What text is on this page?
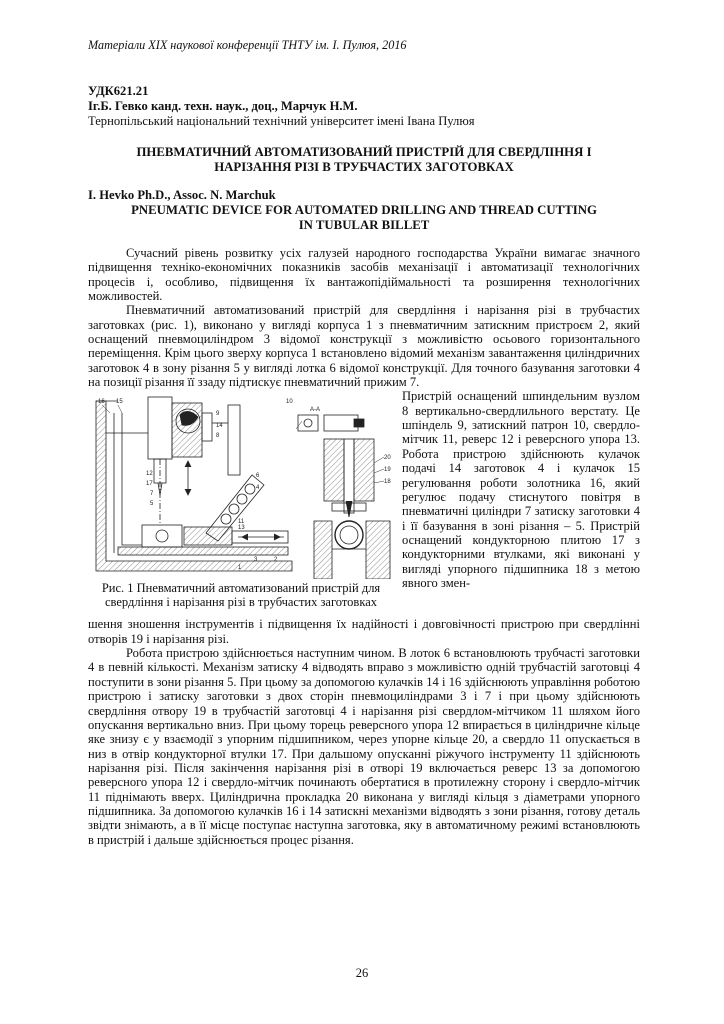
Матеріали ХІХ наукової конференції ТНТУ ім. І. Пулюя, 2016

УДК621.21

Іг.Б. Гевко канд. техн. наук., доц., Марчук Н.М.

Тернопільський національний технічний університет імені Івана Пулюя

ПНЕВМАТИЧНИЙ АВТОМАТИЗОВАНИЙ ПРИСТРІЙ ДЛЯ СВЕРДЛІННЯ І
НАРІЗАННЯ РІЗІ В ТРУБЧАСТИХ ЗАГОТОВКАХ

I. Hevko Ph.D., Assoc. N. Marchuk

PNEUMATIC DEVICE FOR AUTOMATED DRILLING AND THREAD CUTTING
IN TUBULAR BILLET

Сучасний рівень розвитку усіх галузей народного господарства України вимагає значного підвищення техніко-економічних показників засобів механізації і автоматизації технологічних процесів і, особливо, підвищення їх вантажопідіймальності та розширення технологічних можливостей.

Пневматичний автоматизований пристрій для свердління і нарізання різі в трубчастих заготовках (рис. 1), виконано у вигляді корпуса 1 з пневматичним затискним пристроєм 2, який оснащений пневмоциліндром 3 відомої конструкції з можливістю осьового горизонтального переміщення. Крім цього зверху корпуса 1 встановлено відомий механізм завантаження циліндричних заготовок 4 в зону різання 5 у вигляді лотка 6 відомої конструкції. Для точного базування заготовки 4 на позиції різання її ззаду підтискує пневматичний прижим 7.

А-А
16 15
9
14
8
12
17
7
5
6
4
11
13
3	2
1
10
20
19
18
Рис. 1 Пневматичний автоматизований пристрій для свердління і нарізання різі в трубчастих заготовках

Пристрій оснащений шпиндельним вузлом 8 вертикально-свердлильного верстату. Це шпіндель 9, затискний патрон 10, свердло-мітчик 11, реверс 12 і реверсного упора 13. Робота пристрою здійснюють кулачок подачі 14 заготовок 4 і кулачок 15 регулювання роботи золотника 16, який регулює подачу стиснутого повітря в пневматичні циліндри 7 затиску заготовки 4 і її базування в зоні різання – 5. Пристрій оснащений кондукторною плитою 17 з кондукторними втулками, які виконані у вигляді упорного підшипника 18 з метою явного змен-

шення зношення інструментів і підвищення їх надійності і довговічності пристрою при свердлінні отворів 19 і нарізання різі.

Робота пристрою здійснюється наступним чином. В лоток 6 встановлюють трубчасті заготовки 4 в певній кількості. Механізм затиску 4 відводять вправо з можливістю одній трубчастій заготовці 4 поступити в зони різання 5. При цьому за допомогою кулачків 14 і 16 здійснюють управління роботою пристрою і затиску заготовки з двох сторін пневмоциліндрами 3 і 7 і при цьому здійснюють свердління отвору 19 в трубчастій заготовці 4 і нарізання різі свердлом-мітчиком 11 шляхом його опускання вертикально вниз. При цьому торець реверсного упора 12 впирається в циліндричне кільце яке знизу є у взаємодії з упорним підшипником, через упорне кільце 20, а свердло 11 опускається в низ в отвір кондукторної втулки 17. При дальшому опусканні ріжучого інструменту 11 здійснюють нарізання різі. Після закінчення нарізання різі в отворі 19 включається реверс 13 за допомогою реверсного упора 12 і свердло-мітчик починають обертатися в протилежну сторону і свердло-мітчик 11 піднімають вверх. Циліндрична прокладка 20 виконана у вигляді кільця з діаметрами упорного підшипника. За допомогою кулачків 16 і 14 затискні механізми відводять з зони різання, готову деталь звідти знімають, а в її місце поступає наступна заготовка, яку в автоматичному режимі встановлюють в пристрій і дальше здійснюється процес різання.

26
